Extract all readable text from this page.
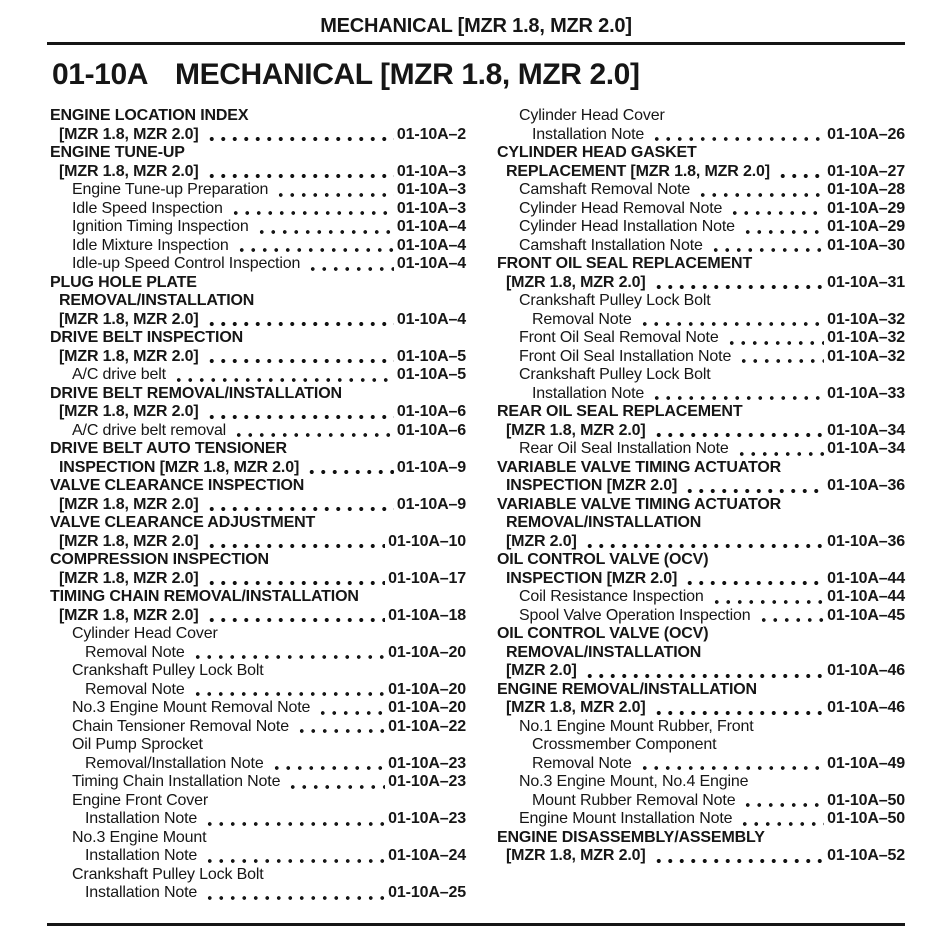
MECHANICAL [MZR 1.8, MZR 2.0]
01-10A MECHANICAL [MZR 1.8, MZR 2.0]
ENGINE LOCATION INDEX
[MZR 1.8, MZR 2.0]	01-10A–2
ENGINE TUNE-UP
[MZR 1.8, MZR 2.0]	01-10A–3
Engine Tune-up Preparation	01-10A–3
Idle Speed Inspection	01-10A–3
Ignition Timing Inspection	01-10A–4
Idle Mixture Inspection	01-10A–4
Idle-up Speed Control Inspection	01-10A–4
PLUG HOLE PLATE
REMOVAL/INSTALLATION
[MZR 1.8, MZR 2.0]	01-10A–4
DRIVE BELT INSPECTION
[MZR 1.8, MZR 2.0]	01-10A–5
A/C drive belt	01-10A–5
DRIVE BELT REMOVAL/INSTALLATION
[MZR 1.8, MZR 2.0]	01-10A–6
A/C drive belt removal	01-10A–6
DRIVE BELT AUTO TENSIONER
INSPECTION [MZR 1.8, MZR 2.0]	01-10A–9
VALVE CLEARANCE INSPECTION
[MZR 1.8, MZR 2.0]	01-10A–9
VALVE CLEARANCE ADJUSTMENT
[MZR 1.8, MZR 2.0]	01-10A–10
COMPRESSION INSPECTION
[MZR 1.8, MZR 2.0]	01-10A–17
TIMING CHAIN REMOVAL/INSTALLATION
[MZR 1.8, MZR 2.0]	01-10A–18
Cylinder Head Cover
Removal Note	01-10A–20
Crankshaft Pulley Lock Bolt
Removal Note	01-10A–20
No.3 Engine Mount Removal Note	01-10A–20
Chain Tensioner Removal Note	01-10A–22
Oil Pump Sprocket
Removal/Installation Note	01-10A–23
Timing Chain Installation Note	01-10A–23
Engine Front Cover
Installation Note	01-10A–23
No.3 Engine Mount
Installation Note	01-10A–24
Crankshaft Pulley Lock Bolt
Installation Note	01-10A–25
Cylinder Head Cover
Installation Note	01-10A–26
CYLINDER HEAD GASKET
REPLACEMENT [MZR 1.8, MZR 2.0]	01-10A–27
Camshaft Removal Note	01-10A–28
Cylinder Head Removal Note	01-10A–29
Cylinder Head Installation Note	01-10A–29
Camshaft Installation Note	01-10A–30
FRONT OIL SEAL REPLACEMENT
[MZR 1.8, MZR 2.0]	01-10A–31
Crankshaft Pulley Lock Bolt
Removal Note	01-10A–32
Front Oil Seal Removal Note	01-10A–32
Front Oil Seal Installation Note	01-10A–32
Crankshaft Pulley Lock Bolt
Installation Note	01-10A–33
REAR OIL SEAL REPLACEMENT
[MZR 1.8, MZR 2.0]	01-10A–34
Rear Oil Seal Installation Note	01-10A–34
VARIABLE VALVE TIMING ACTUATOR
INSPECTION [MZR 2.0]	01-10A–36
VARIABLE VALVE TIMING ACTUATOR
REMOVAL/INSTALLATION
[MZR 2.0]	01-10A–36
OIL CONTROL VALVE (OCV)
INSPECTION [MZR 2.0]	01-10A–44
Coil Resistance Inspection	01-10A–44
Spool Valve Operation Inspection	01-10A–45
OIL CONTROL VALVE (OCV)
REMOVAL/INSTALLATION
[MZR 2.0]	01-10A–46
ENGINE REMOVAL/INSTALLATION
[MZR 1.8, MZR 2.0]	01-10A–46
No.1 Engine Mount Rubber, Front
Crossmember Component
Removal Note	01-10A–49
No.3 Engine Mount, No.4 Engine
Mount Rubber Removal Note	01-10A–50
Engine Mount Installation Note	01-10A–50
ENGINE DISASSEMBLY/ASSEMBLY
[MZR 1.8, MZR 2.0]	01-10A–52
